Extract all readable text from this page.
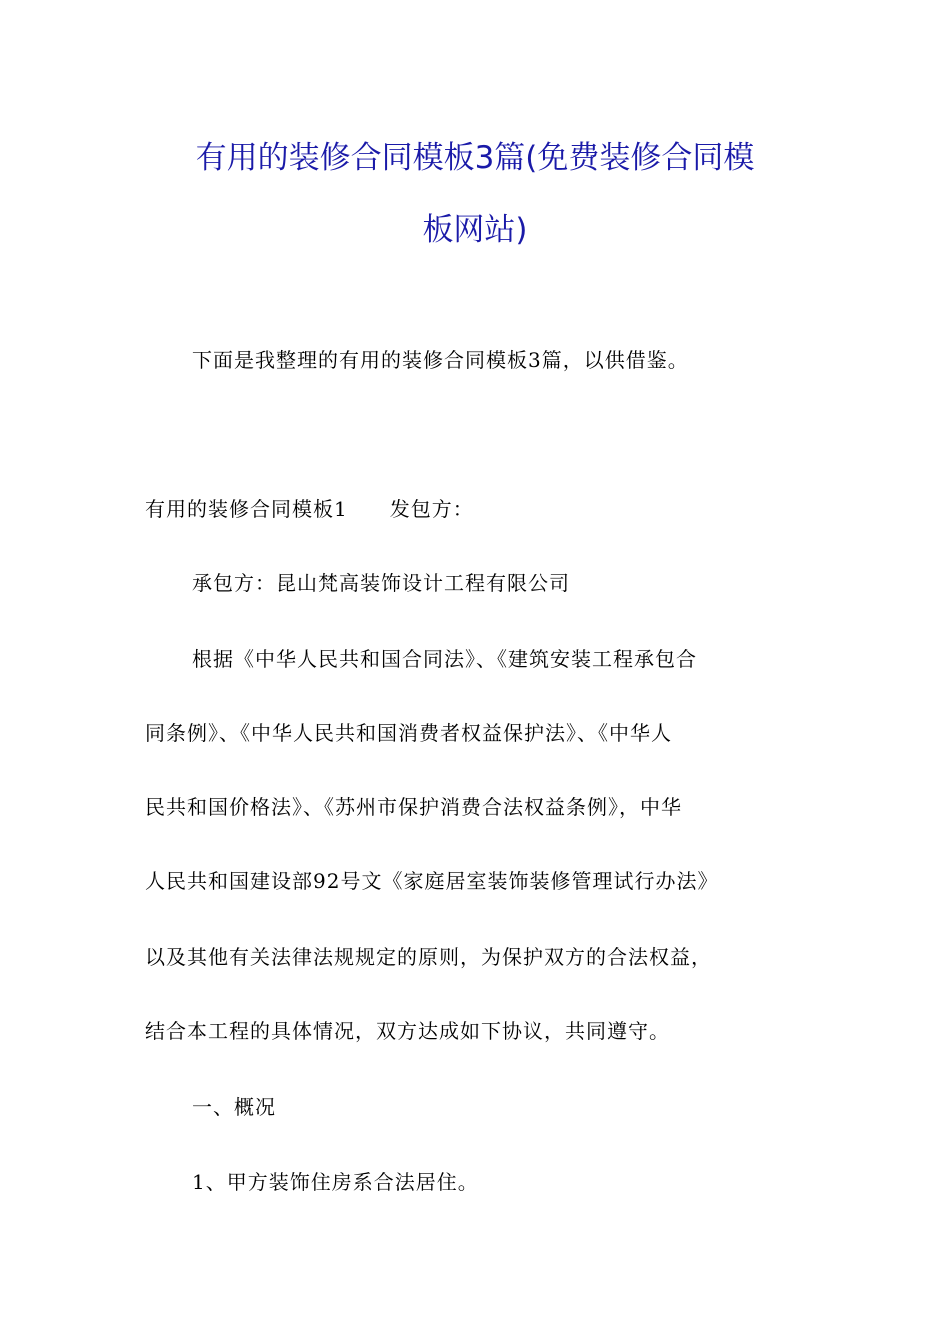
有用的装修合同模板3篇(免费装修合同模
板网站)

下面是我整理的有用的装修合同模板3篇，以供借鉴。

有用的装修合同模板1 发包方：

承包方：昆山梵高装饰设计工程有限公司

根据《中华人民共和国合同法》、《建筑安装工程承包合
同条例》、《中华人民共和国消费者权益保护法》、《中华人
民共和国价格法》、《苏州市保护消费合法权益条例》，中华
人民共和国建设部92号文《家庭居室装饰装修管理试行办法》
以及其他有关法律法规规定的原则，为保护双方的合法权益，
结合本工程的具体情况，双方达成如下协议，共同遵守。

一、概况

1、甲方装饰住房系合法居住。
